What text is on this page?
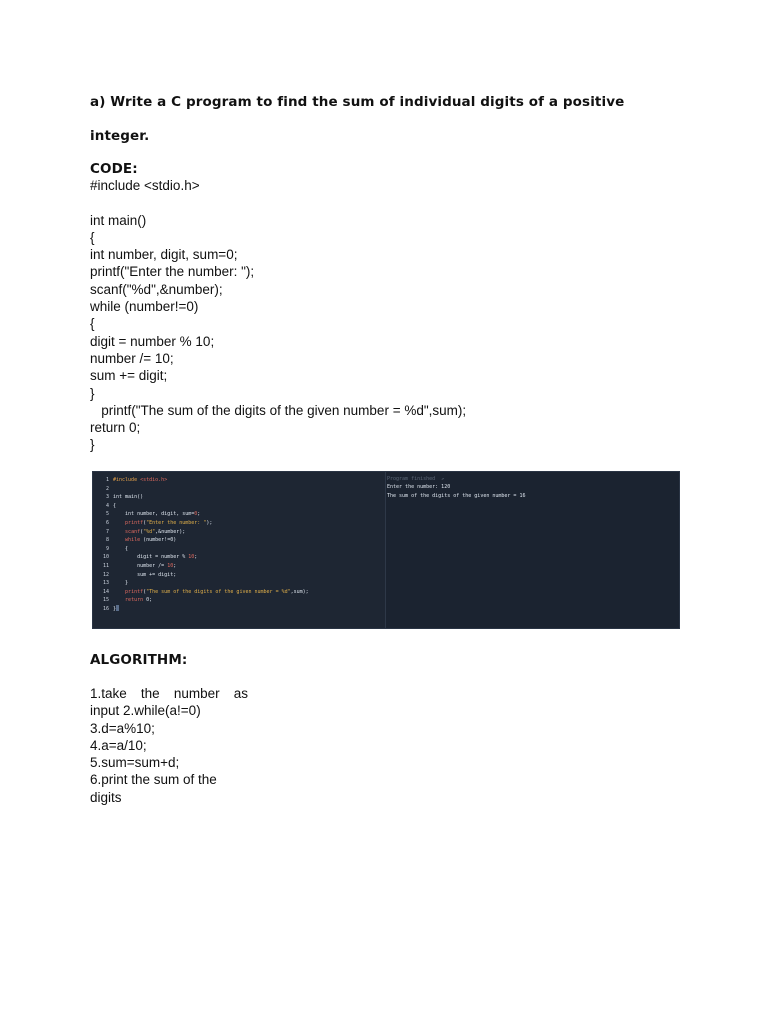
a) Write a C program to find the sum of individual digits of a positive
integer.
CODE:
#include <stdio.h>

int main()
{
int number, digit, sum=0;
printf("Enter the number: ");
scanf("%d",&number);
while (number!=0)
{
digit = number % 10;
number /= 10;
sum += digit;
}
printf("The sum of the digits of the given number = %d",sum);
return 0;
}
ALGORITHM:
1.take the number as
input 2.while(a!=0)
3.d=a%10;
4.a=a/10;
5.sum=sum+d;
6.print the sum of the
digits
1
2
3
4
5
6
7
8
9
10
11
12
13
14
15
16
#include <stdio.h>

int main()
{
int number, digit, sum=0;
printf("Enter the number: ");
scanf("%d",&number);
while (number!=0)
{
digit = number % 10;
number /= 10;
sum += digit;
}
printf("The sum of the digits of the given number = %d",sum);
return 0;
}
Program finished  ↗
Enter the number: 120
The sum of the digits of the given number = 16
